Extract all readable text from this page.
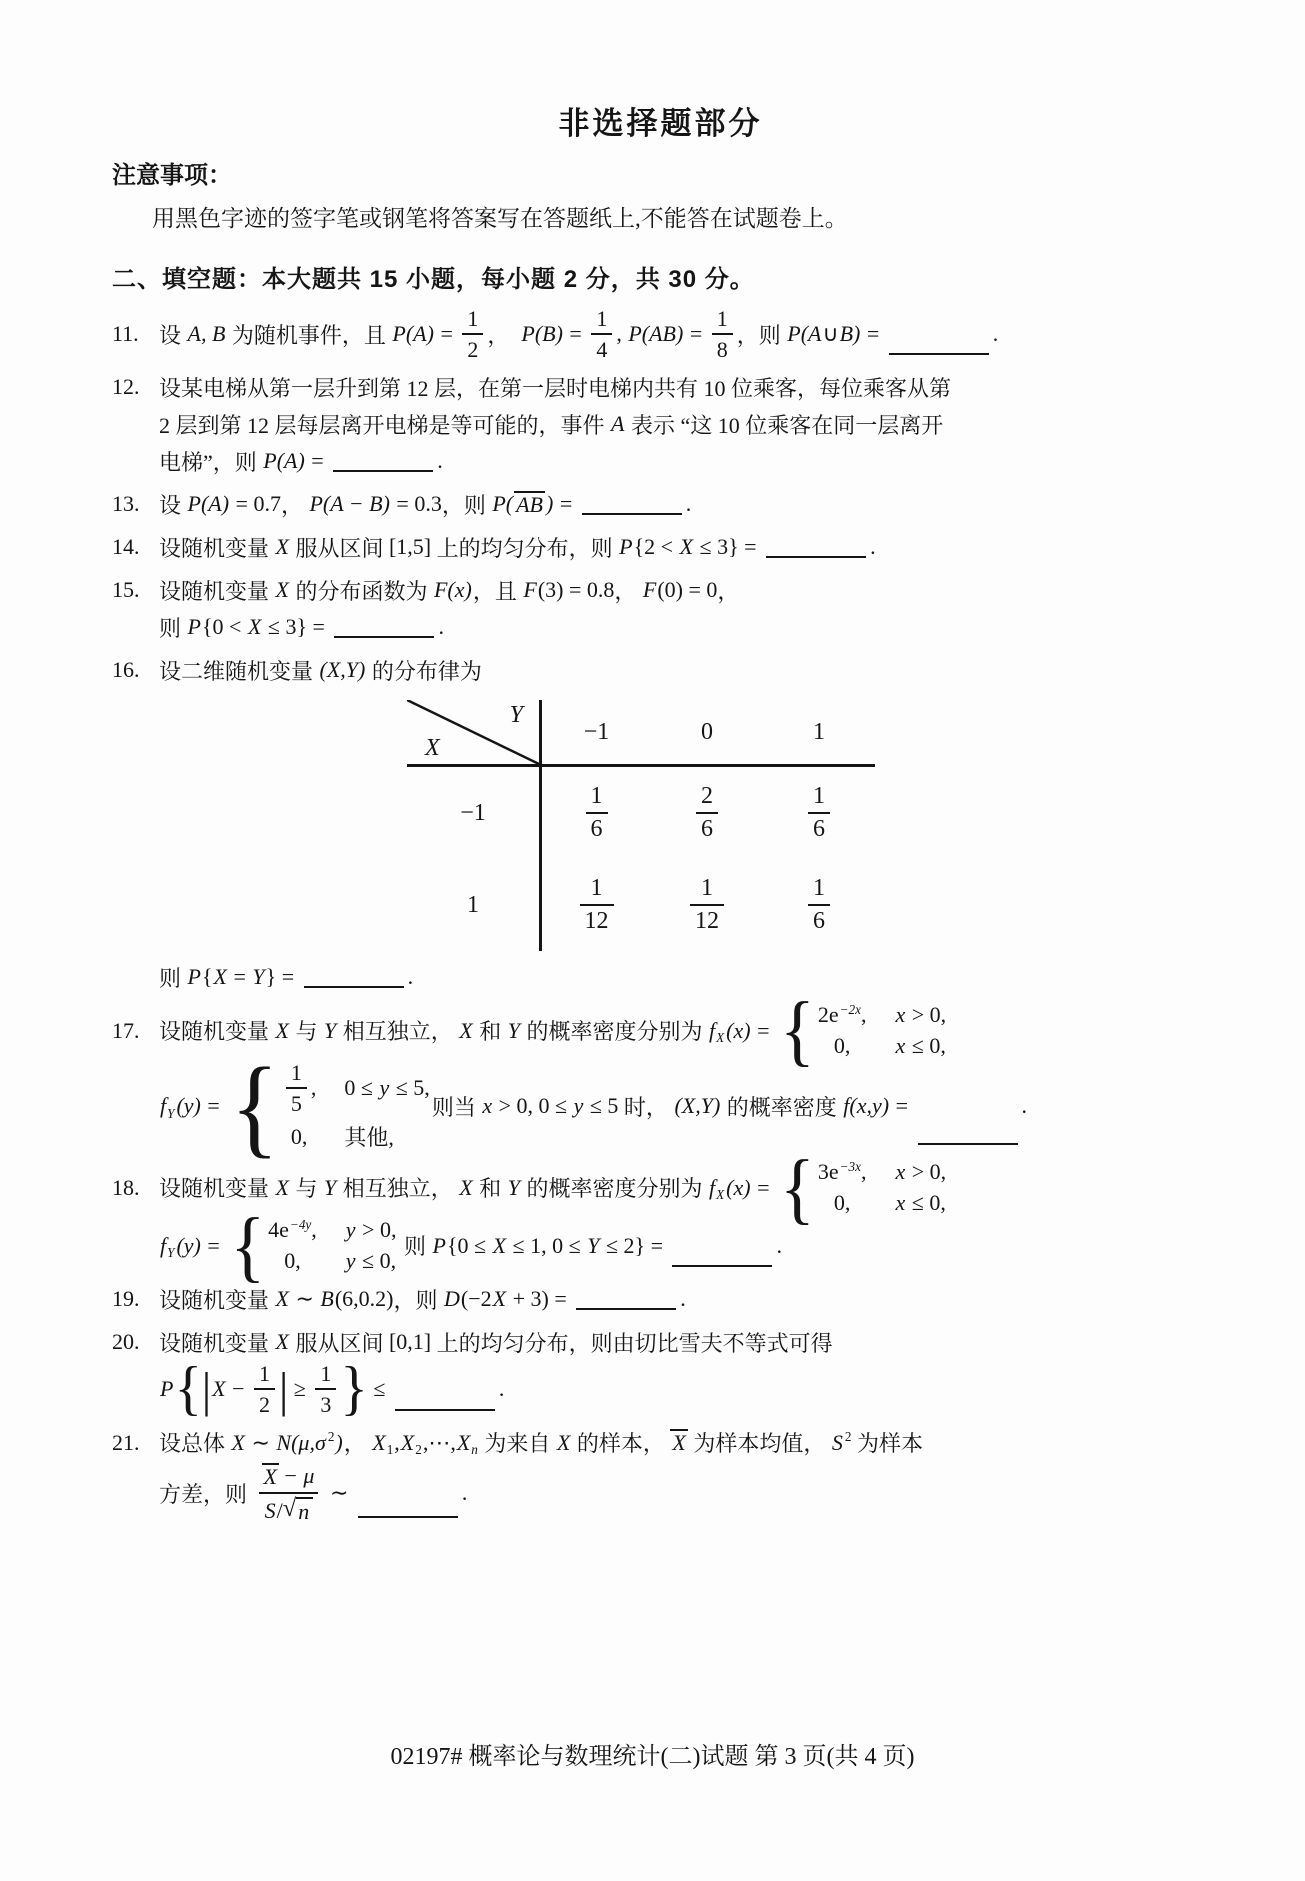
非选择题部分
注意事项：
用黑色字迹的签字笔或钢笔将答案写在答题纸上,不能答在试题卷上。
二、填空题：本大题共 15 小题，每小题 2 分，共 30 分。
11. 设 A, B 为随机事件，且 $P(A) = \frac{1}{2}$ ， $P(B) = \frac{1}{4}$ , $P(AB) = \frac{1}{8}$ ，则 P(A ∪ B) =	.
12. 设某电梯从第一层升到第 12 层，在第一层时电梯内共有 10 位乘客，每位乘客从第
2 层到第 12 层每层离开电梯是等可能的，事件 A 表示 “这 10 位乘客在同一层离开
电梯”，则 P(A) =	.
13. 设 P(A) = 0.7 ， P(A − B) = 0.3 ，则 P( AB ) =	.
14. 设随机变量 X 服从区间 [1,5] 上的均匀分布，则 P {2 < X ≤ 3} =	.
15. 设随机变量 X 的分布函数为 F(x) ，且 F (3) = 0.8 ， F (0) = 0 ，
则 P {0 < X ≤ 3} =	.
16. 设二维随机变量 (X,Y) 的分布律为
Y
X
−1	0	1
−1	$\frac{1}{6}$	$\frac{2}{6}$	$\frac{1}{6}$
1	$\frac{1}{12}$	$\frac{1}{12}$	$\frac{1}{6}$
则 P { X = Y } =	.
17. 设随机变量 X 与 Y 相互独立， X 和 Y 的概率密度分别为 $f_X$ (x) = { $2e^{-2x}$ , x > 0,
0, x ≤ 0,
$f_Y$ (y) = { $\frac{1}{5}$ , 0 ≤ y ≤ 5,
0, 其他,
则当 x > 0, 0 ≤ y ≤ 5 时， (X,Y) 的概率密度 f(x,y) =	.
18. 设随机变量 X 与 Y 相互独立， X 和 Y 的概率密度分别为 $f_X$ (x) = { $3e^{-3x}$ , x > 0,
0, x ≤ 0,
$f_Y$ (y) = { $4e^{-4y}$ , y > 0,
0, y ≤ 0,
则 P {0 ≤ X ≤ 1, 0 ≤ Y ≤ 2} =	.
19. 设随机变量 X ∼ B (6,0.2) ，则 D (−2 X + 3) =	.
20. 设随机变量 X 服从区间 [0,1] 上的均匀分布，则由切比雪夫不等式可得
P { | $X - \frac{1}{2}$ | ≥ $\frac{1}{3}$ } ≤	.
21. 设总体 X ∼ N(μ,σ $^2$ ) ， $X_1$ , $X_2$ ,⋯, $X_n$ 为来自 X 的样本， X 为样本均值， S $^2$ 为样本
方差，则 $\frac{X - \mu}{S / √ n}$ ∼	.
02197# 概率论与数理统计(二)试题 第 3 页(共 4 页)
